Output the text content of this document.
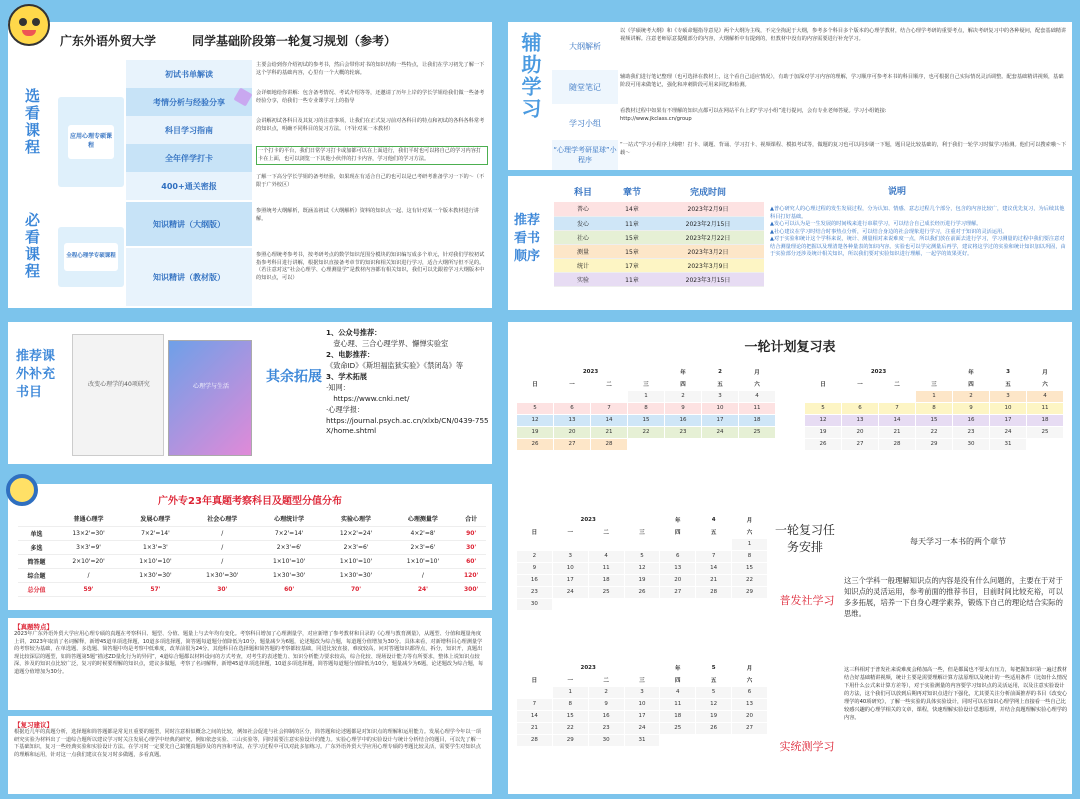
广东外语外贸大学　　　同学基础阶段第一轮复习规划（参考）
选看课程	应用心理专硕课程
初试书单解读
主要会给到你介绍初试的参考书，然后会带你对书的知识结构一些特点，让我们在学习初先了解一下这个学科的基础内容，心里有一个大概的轮廓。
考情分析与经验分享
会详细地给你讲解：包含备考情况、考试介绍等等，还邀请了历年上岸的学长学姐给我们做一些备考经验分享，给我们一些专业课学习上的指导
科目学习指南
会讲解初试各科目及其复习的注意事项，让我们在正式复习前对各科目的特点和初试的各科各科常考的知识点，明确不同科目的复习方法。（不针对某一本教材）
全年伴学打卡
一个打卡的平台，我们日常学习打卡或加都可以在上面进行，我们平时也可以将自己的学习内容打卡在上面，也可以浏览一下其他小伙伴的打卡内容，学习他们的学习方法。
400+通关密报
了解一下高分学长学姐的备考经验，如果现在有适合自己的也可以是已考研考准备学习一下的～（不限于广外校区）
必看课程	全程心理学专硕课程
知识精讲（大纲版）
参照统考大纲解析，既涵盖初试《大纲解析》资料的知识点一起、这有针对某一个版本教材进行讲解。
知识精讲（教材版）
参照心理统考参考书，按考研考点的数学知识范围分模块的知识编写成多个单元，针对我们学校初试指参考科目进行讲解，根据知识直接备考章节的知识和相关知识进行学习，适合大纲所写但不足的。（若注意对这“社会心理学、心理测量学”是教材内容都有相关知识，我们可以先跟着学习大纲版本中的知识点，可以）
辅助学习	大纲解析
以《学硕统考大纲》和《专硕命题指导意见》两个大纲为主线，不完全拘泥于大纲，参考多个科目多个版本的心理学教材，结合心理学考研的重要考点，解决考研复习中的各种疑问，配套基础精讲视频讲解。注意老师原意提醒部分的内容，大纲解析中有提到的，但教材中没有的内容需要进行补充学习。
随堂笔记
辅助我们进行笔记整理（也可选择在教材上，这个看自己适应情况），有助于加深对学习内容的理解，学习顺序可参考本书的科目顺序，也可根据自己实际情况灵活调整。配套基础精讲视频，基础阶段可用来做笔记，强化和冲刺阶段可用来回忆和检测。
学习小组
看教材过程中如果有不理解的知识点都可以在网站平台上的“学习小组”进行提问，会有专业老师答疑。学习小组链接:
http://www.jkclass.cn/group
“心理学考研星球”小程序
“一站式”学习小程序上线啦！打卡、刷题、背诵、学习打卡、视频课程、模拟考试等，做题的复习也可以同步刷一下题，题目是比较基础的，利于我们一轮学习时做学习检测。他们可以搜索哦～下载～
推荐看书顺序
科目	章节	完成时间
普心	14章	2023年2月9日
发心	11章	2023年2月15日
社心	15章	2023年2月22日
测量	15章	2023年3月2日
统计	17章	2023年3月9日
实验	11章	2023年3月15日
说明
▲普心研究人的心理过程的发生发展过程，分为认知、情感、意志过程几个部分，包含的内容比较广，建议优先复习，为后续其他科目打好基础。
▲发心可以认为是一生发展的时间线来进行串联学习，可以结合自己成长经历进行学习理解。
▲社心建议在学习时结合时事热点分析，可以结合身边的社会现象进行学习，注重对于知识的灵活运用。
▲对于实验和统计这个学科来说，统计、测量相对来说难度一点，所以我们放在前面去进行学习，学习测量的过程中我们要注意对结合测量理论的把握以及理清楚各种量表的知识内容。实验也可以学完测量后再学，建议将这学过的实验和统计知识加以巩固，由于实验部分还涉及统计相关知识，所以我们要对实验知识进行理解，一起学的效果更好。
推荐课外补充书目
改变心理学的40项研究	心理学与生活
其余拓展
1、公众号推荐：
　壹心理、三合心理学界、懈惮实验室
2、电影推荐：
《致命ID》《斯坦福监狱实验》《禁闭岛》等
3、学术拓展
·知网：
　https://www.cnki.net/
·心理学报：
https://journal.psych.ac.cn/xlxb/CN/0439-755X/home.shtml
广外专23年真题考察科目及题型分值分布
	普通心理学	发展心理学	社会心理学	心理统计学	实验心理学	心理测量学	合计
单选	13×2'=30'	7×2'=14'	/	7×2'=14'	12×2'=24'	4×2'=8'	90'
多选	3×3'=9'	1×3'=3'	/	2×3'=6'	2×3'=6'	2×3'=6'	30'
简答题	2×10'=20'	1×10'=10'	/	1×10'=10'	1×10'=10'	1×10'=10'	60'
综合题	/	1×30'=30'	1×30'=30'	1×30'=30'	1×30'=30'	/	120'
总分值	59'	57'	30'	60'	70'	24'	300'
【真题特点】
2023年广东外语外贸大学应用心理专硕的真题在考察科目、题型、分值、题量上与去年均有变化。考察科目增加了心理测量学，对应新增了参考教材和目录的《心理与教育测量》，从题型、分值和题量角度上讲，2023年取消了名词解释，新增45道单项选择题，10道多项选择题，简答题每道题分值降低为10分，题量减少为6题，论述题改为综合题，每道题分值增加为30分。具体来看，对新增科目心理测量学的考察较为基础，在单选题、多选题、简答题中均是考察中低难度，改革前很为24分。其他科目在选择题和简答题的考察都较基础，同进比较直接，难度较高，问对答题知识都得点，拆分，知识开，真题出现比较深层的题型，如简答题第5题“描述ZD量化行为的异同”，4道综合题都以材料设问的方式考查，对考生的表述能力、知识分析能力要求较高，综合化较、现场设计能力等有所要求，整体上说知识点较深，涉及的知识点比较广泛，复习的时候要理解的知识点，建议多做题，考察了名词解释，新增45道单项选择题，10道多项选择题，简答题每道题分值降低为10分，题量减少为6题，论述题改为综合题，每道题分值增加为30分。
【复习建议】
根据近几年的真题分析，选择题和简答题都是常见且重要的题型，同时注意相似概念之间的比较，例如社会促进与社会抑制的区分，简答题和论述题都是对知识点的理解和运用能力。发展心理学今年以一项研究实验为材料出了一道综合题所以建议学习时关注发展心理学中经典的研究，例如依恋实验、三山实验等，同时需要注意实验设计的能力。实验心理学中的实验设计与统计分析结合的题目，可以先了解一下基础知识，复习一些经典实验和实验设计方法。在学习时一定要先自己搞懂真题涉及的内容和考法，在学习过程中可以对此多加练习。广东外语外贸大学应用心理专硕的考题比较灵活，需要学生对知识点的理解和运用，针对这一点我们建议在复习时多做题，多看真题。
一轮计划复习表
	2023			年	2	月	
日	一	二	三	四	五	六	
			1	2	3	4	
5	6	7	8	9	10	11	
12	13	14	15	16	17	18	
19	20	21	22	23	24	25	
26	27	28					
	2023			年	3	月	
日	一	二	三	四	五	六	
			1	2	3	4	
5	6	7	8	9	10	11	
12	13	14	15	16	17	18	
19	20	21	22	23	24	25	
26	27	28	29	30	31		
	2023			年	4	月	
日	一	二	三	四	五	六	
						1	
2	3	4	5	6	7	8	
9	10	11	12	13	14	15	
16	17	18	19	20	21	22	
23	24	25	26	27	28	29	
30							
	2023			年	5	月	
日	一	二	三	四	五	六	
	1	2	3	4	5	6	
7	8	9	10	11	12	13	
14	15	16	17	18	19	20	
21	22	23	24	25	26	27	
28	29	30	31				
一轮复习任务安排	每天学习一本书的两个章节
普发社学习
这三个学科一般理解知识点的内容是没有什么问题的，主要在于对于知识点的灵活运用，参考前面的推荐书目，目前时间比较充裕，可以多多拓展，培养一下自身心理学素养，锻炼下自己的理论结合实际的思维。
实统测学习
这三科相对于普发社来说难度会稍加高一些，但是都属也不要太有压力，每把握知识第一遍过教材结合好基础精讲视频，统计主要是需要理解计算方法原理以及统计的一些适用条件（比如什么情况下用什么公式来计算方差等），对于实验测量的内容要学习知识点的灵活运用，以及注意实验设计的方法，这个我们可以放到后期再对知识点进行下强化，尤其要关注分析前面推荐的书目《改变心理学的40项研究》，了解一些实验的具体实验设计，同时可以在知识心理学网上直接看一些自己比较感兴趣的心理学相关的文章，课程，快速理解实验设计思想原理，并结合真题理解实验心理学的内容。
